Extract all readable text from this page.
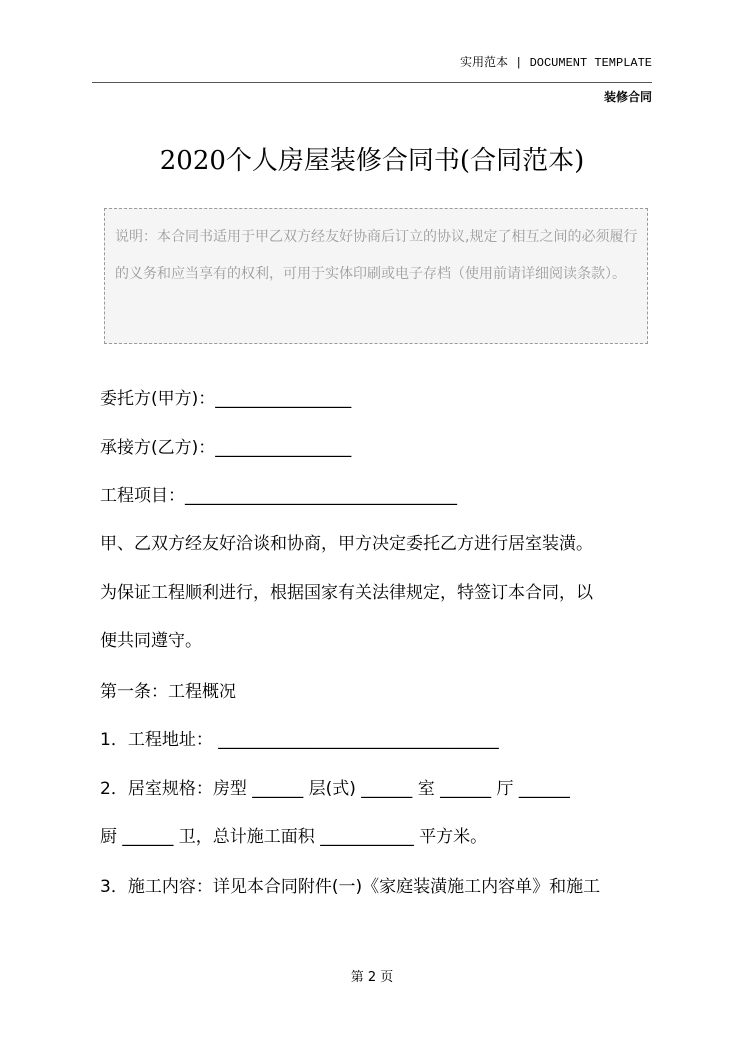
实用范本 | DOCUMENT TEMPLATE
装修合同
2020个人房屋装修合同书(合同范本)

说明：本合同书适用于甲乙双方经友好协商后订立的协议,规定了相互之间的必须履行的义务和应当享有的权利，可用于实体印刷或电子存档（使用前请详细阅读条款）。

委托方(甲方)：________________
承接方(乙方)：________________
工程项目：________________________________
甲、乙双方经友好洽谈和协商，甲方决定委托乙方进行居室装潢。
为保证工程顺利进行，根据国家有关法律规定，特签订本合同，以
便共同遵守。
第一条：工程概况
1．工程地址： _________________________________
2．居室规格：房型 ______ 层(式) ______ 室 ______ 厅 ______
厨 ______ 卫，总计施工面积 ___________ 平方米。
3．施工内容：详见本合同附件(一)《家庭装潢施工内容单》和施工
第 2 页
